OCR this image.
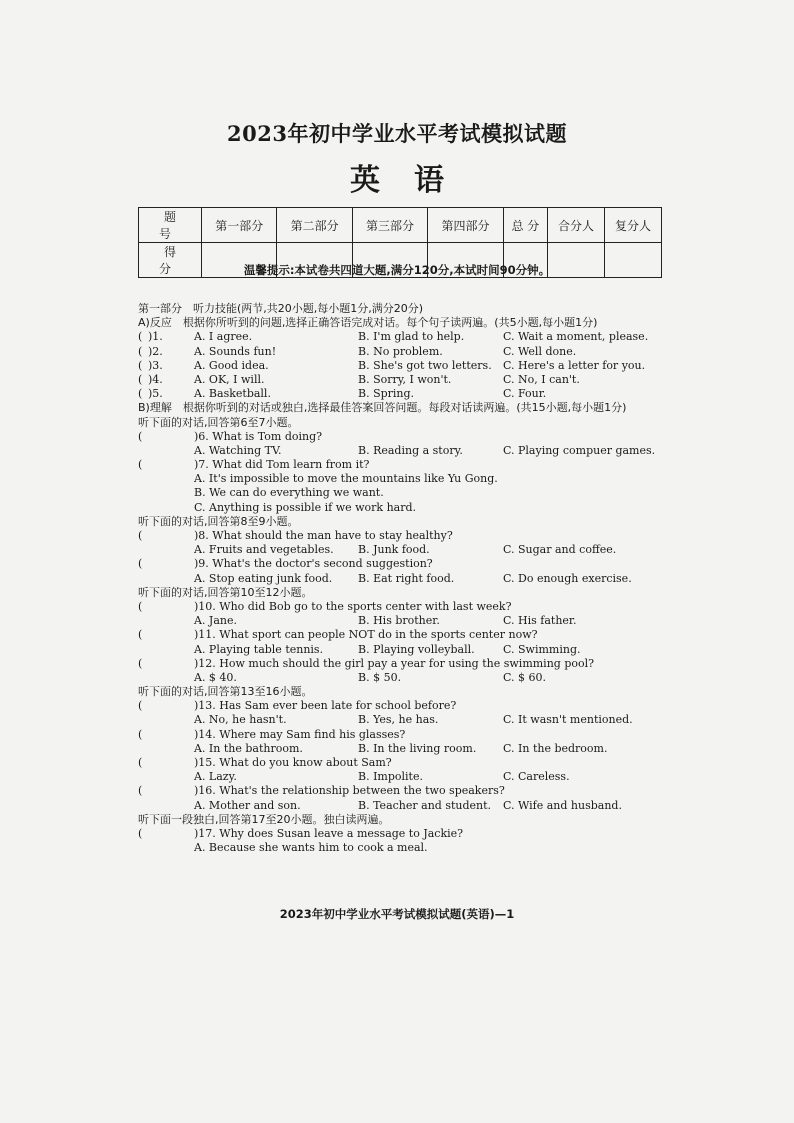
2023年初中学业水平考试模拟试题
英语
题 号	第一部分	第二部分	第三部分	第四部分	总 分	合分人	复分人
得 分								温馨提示:本试卷共四道大题,满分120分,本试时间90分钟。
第一部分　听力技能(两节,共20小题,每小题1分,满分20分)
A)反应　根据你所听到的问题,选择正确答语完成对话。每个句子读两遍。(共5小题,每小题1分)
( )1.	A. I agree.	B. I'm glad to help.	C. Wait a moment, please.
( )2.	A. Sounds fun!	B. No problem.	C. Well done.
( )3.	A. Good idea.	B. She's got two letters.	C. Here's a letter for you.
( )4.	A. OK, I will.	B. Sorry, I won't.	C. No, I can't.
( )5.	A. Basketball.	B. Spring.	C. Four.
B)理解　根据你听到的对话或独白,选择最佳答案回答问题。每段对话读两遍。(共15小题,每小题1分)
听下面的对话,回答第6至7小题。
(	)6. What is Tom doing?
A. Watching TV.	B. Reading a story.	C. Playing compuer games.
(	)7. What did Tom learn from it?
A. It's impossible to move the mountains like Yu Gong.
B. We can do everything we want.
C. Anything is possible if we work hard.
听下面的对话,回答第8至9小题。
(	)8. What should the man have to stay healthy?
A. Fruits and vegetables.	B. Junk food.	C. Sugar and coffee.
(	)9. What's the doctor's second suggestion?
A. Stop eating junk food.	B. Eat right food.	C. Do enough exercise.
听下面的对话,回答第10至12小题。
(	)10. Who did Bob go to the sports center with last week?
A. Jane.	B. His brother.	C. His father.
(	)11. What sport can people NOT do in the sports center now?
A. Playing table tennis.	B. Playing volleyball.	C. Swimming.
(	)12. How much should the girl pay a year for using the swimming pool?
A. $ 40.	B. $ 50.	C. $ 60.
听下面的对话,回答第13至16小题。
(	)13. Has Sam ever been late for school before?
A. No, he hasn't.	B. Yes, he has.	C. It wasn't mentioned.
(	)14. Where may Sam find his glasses?
A. In the bathroom.	B. In the living room.	C. In the bedroom.
(	)15. What do you know about Sam?
A. Lazy.	B. Impolite.	C. Careless.
(	)16. What's the relationship between the two speakers?
A. Mother and son.	B. Teacher and student.	C. Wife and husband.
听下面一段独白,回答第17至20小题。独白读两遍。
(	)17. Why does Susan leave a message to Jackie?
A. Because she wants him to cook a meal.
2023年初中学业水平考试模拟试题(英语)—1
